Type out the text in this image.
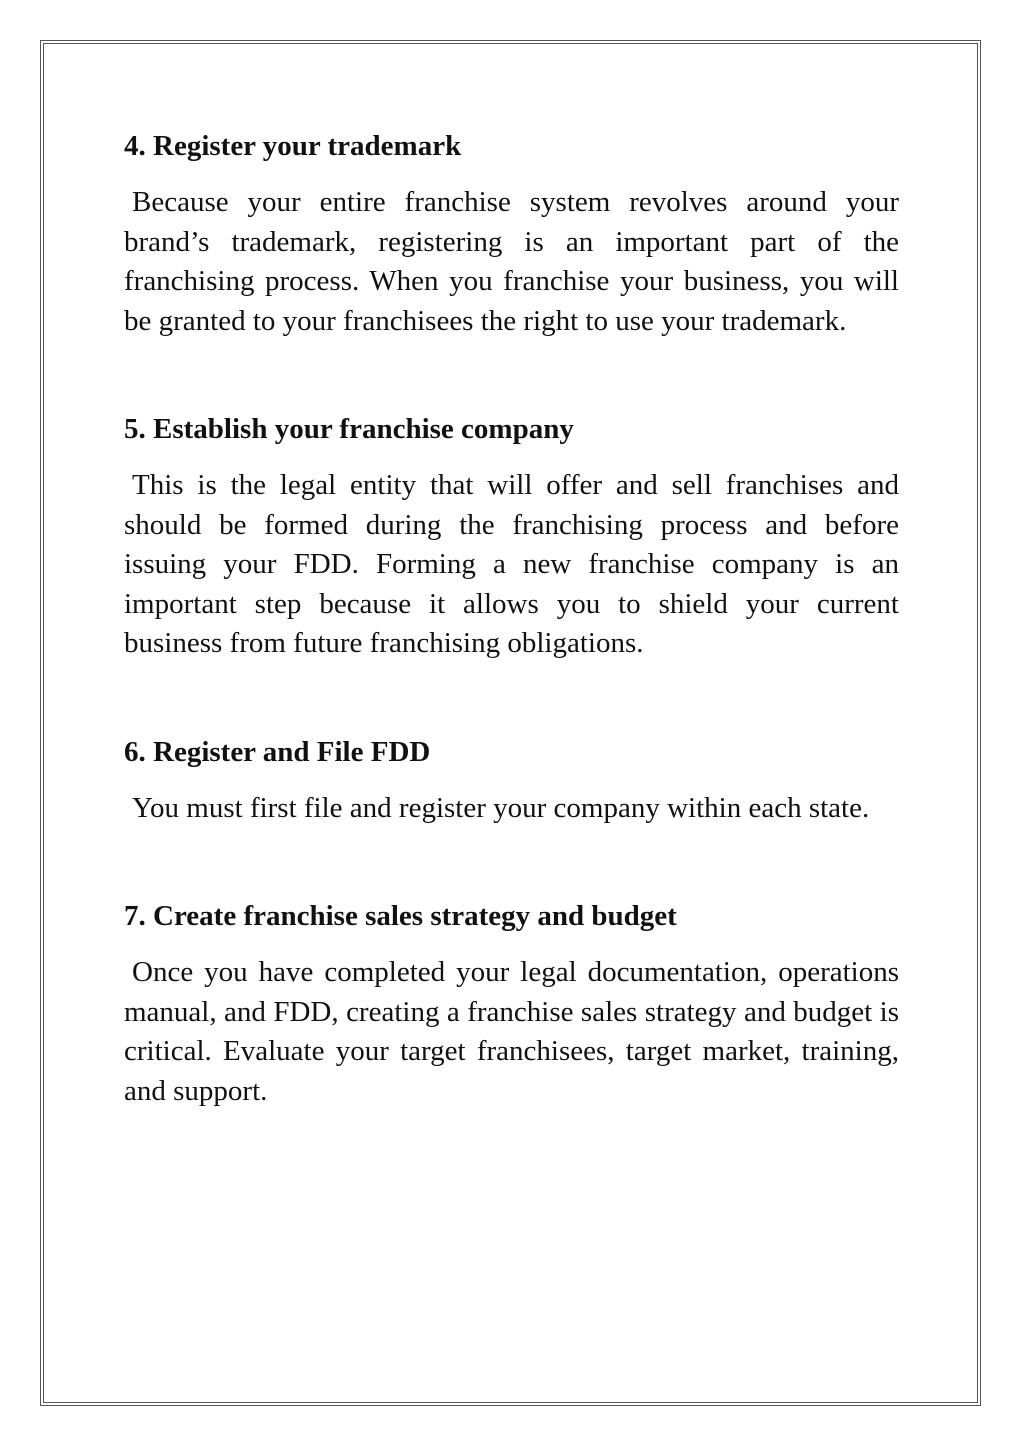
4. Register your trademark

Because your entire franchise system revolves around your brand’s trademark, registering is an important part of the franchising process. When you franchise your business, you will be granted to your franchisees the right to use your trademark.

5. Establish your franchise company

This is the legal entity that will offer and sell franchises and should be formed during the franchising process and before issuing your FDD. Forming a new franchise company is an important step because it allows you to shield your current business from future franchising obligations.

6. Register and File FDD

You must first file and register your company within each state.

7. Create franchise sales strategy and budget

Once you have completed your legal documentation, operations manual, and FDD, creating a franchise sales strategy and budget is critical. Evaluate your target franchisees, target market, training, and support.
